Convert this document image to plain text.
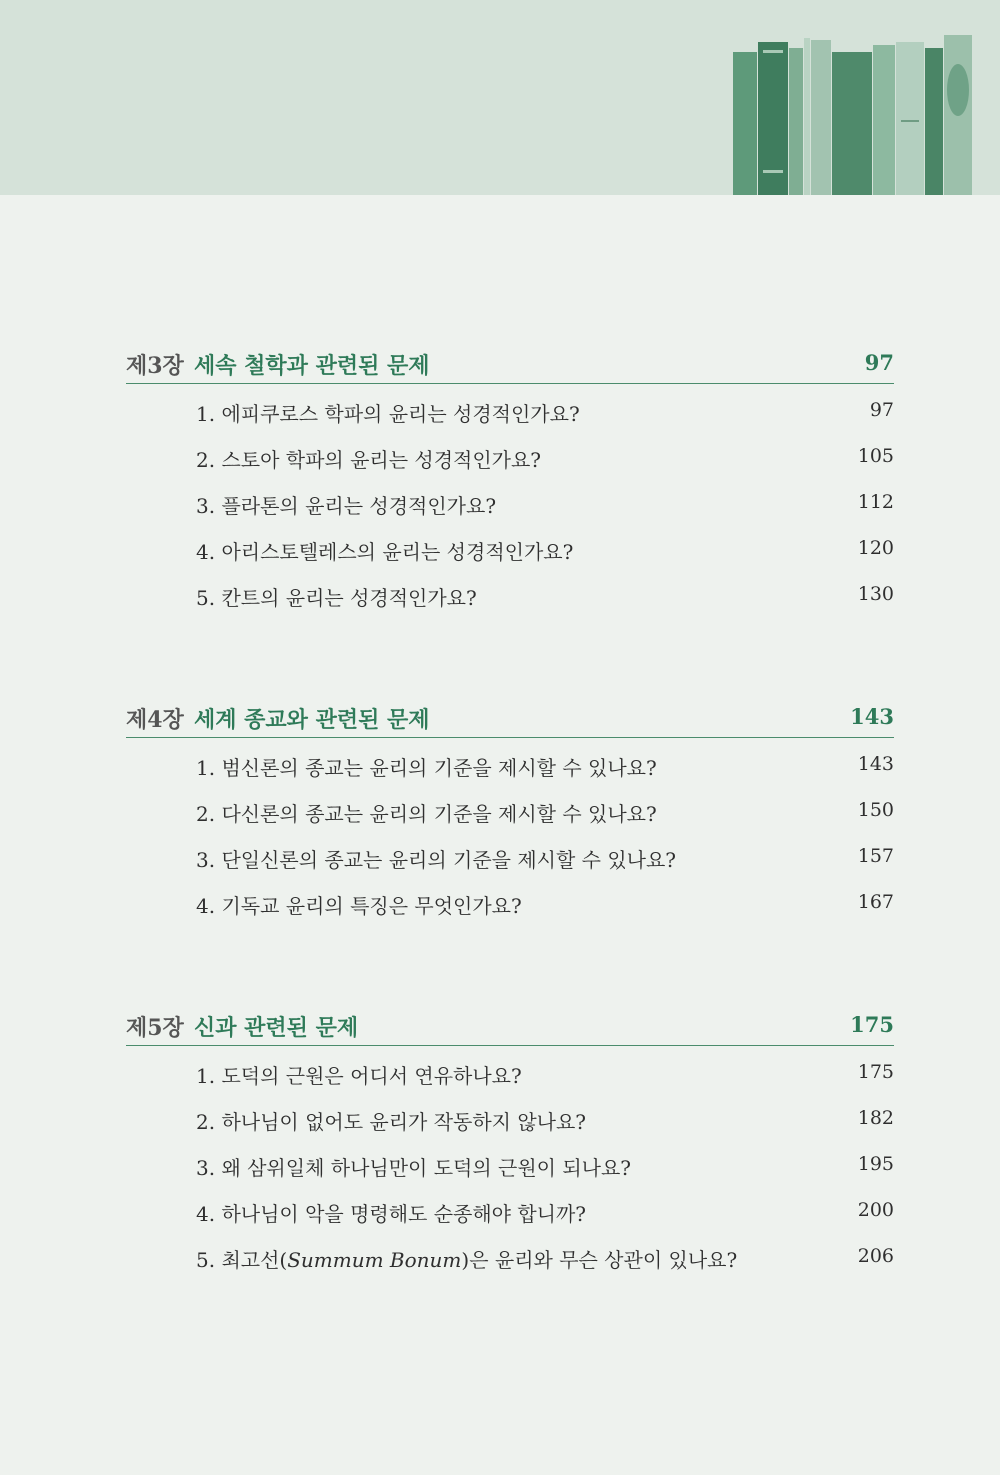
제3장 세속 철학과 관련된 문제	97
1. 에피쿠로스 학파의 윤리는 성경적인가요?	97
2. 스토아 학파의 윤리는 성경적인가요?	105
3. 플라톤의 윤리는 성경적인가요?	112
4. 아리스토텔레스의 윤리는 성경적인가요?	120
5. 칸트의 윤리는 성경적인가요?	130
제4장 세계 종교와 관련된 문제	143
1. 범신론의 종교는 윤리의 기준을 제시할 수 있나요?	143
2. 다신론의 종교는 윤리의 기준을 제시할 수 있나요?	150
3. 단일신론의 종교는 윤리의 기준을 제시할 수 있나요?	157
4. 기독교 윤리의 특징은 무엇인가요?	167
제5장 신과 관련된 문제	175
1. 도덕의 근원은 어디서 연유하나요?	175
2. 하나님이 없어도 윤리가 작동하지 않나요?	182
3. 왜 삼위일체 하나님만이 도덕의 근원이 되나요?	195
4. 하나님이 악을 명령해도 순종해야 합니까?	200
5. 최고선(Summum Bonum)은 윤리와 무슨 상관이 있나요?	206
